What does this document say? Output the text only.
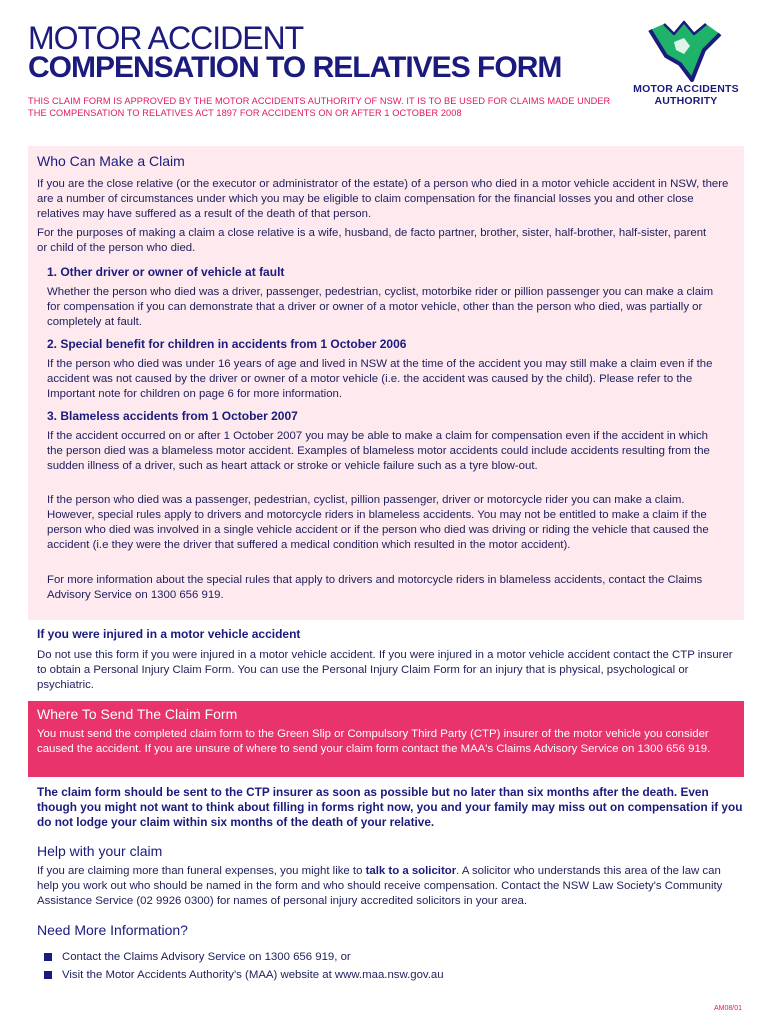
MOTOR ACCIDENT
COMPENSATION TO RELATIVES FORM

THIS CLAIM FORM IS APPROVED BY THE MOTOR ACCIDENTS AUTHORITY OF NSW. IT IS TO BE USED FOR CLAIMS MADE UNDER THE COMPENSATION TO RELATIVES ACT 1897 FOR ACCIDENTS ON OR AFTER 1 OCTOBER 2008

MOTOR ACCIDENTS
AUTHORITY
Who Can Make a Claim

If you are the close relative (or the executor or administrator of the estate) of a person who died in a motor vehicle accident in NSW, there are a number of circumstances under which you may be eligible to claim compensation for the financial losses you and other close relatives may have suffered as a result of the death of that person.

For the purposes of making a claim a close relative is a wife, husband, de facto partner, brother, sister, half-brother, half-sister, parent or child of the person who died.

1. Other driver or owner of vehicle at fault

Whether the person who died was a driver, passenger, pedestrian, cyclist, motorbike rider or pillion passenger you can make a claim for compensation if you can demonstrate that a driver or owner of a motor vehicle, other than the person who died, was partially or completely at fault.

2. Special benefit for children in accidents from 1 October 2006

If the person who died was under 16 years of age and lived in NSW at the time of the accident you may still make a claim even if the accident was not caused by the driver or owner of a motor vehicle (i.e. the accident was caused by the child). Please refer to the Important note for children on page 6 for more information.

3. Blameless accidents from 1 October 2007

If the accident occurred on or after 1 October 2007 you may be able to make a claim for compensation even if the accident in which the person died was a blameless motor accident. Examples of blameless motor accidents could include accidents resulting from the sudden illness of a driver, such as heart attack or stroke or vehicle failure such as a tyre blow-out.

If the person who died was a passenger, pedestrian, cyclist, pillion passenger, driver or motorcycle rider you can make a claim. However, special rules apply to drivers and motorcycle riders in blameless accidents. You may not be entitled to make a claim if the person who died was involved in a single vehicle accident or if the person who died was driving or riding the vehicle that caused the accident (i.e they were the driver that suffered a medical condition which resulted in the motor accident).

For more information about the special rules that apply to drivers and motorcycle riders in blameless accidents, contact the Claims Advisory Service on 1300 656 919.

If you were injured in a motor vehicle accident

Do not use this form if you were injured in a motor vehicle accident. If you were injured in a motor vehicle accident contact the CTP insurer to obtain a Personal Injury Claim Form. You can use the Personal Injury Claim Form for an injury that is physical, psychological or psychiatric.

Where To Send The Claim Form

You must send the completed claim form to the Green Slip or Compulsory Third Party (CTP) insurer of the motor vehicle you consider caused the accident. If you are unsure of where to send your claim form contact the MAA's Claims Advisory Service on 1300 656 919.

The claim form should be sent to the CTP insurer as soon as possible but no later than six months after the death. Even though you might not want to think about filling in forms right now, you and your family may miss out on compensation if you do not lodge your claim within six months of the death of your relative.

Help with your claim

If you are claiming more than funeral expenses, you might like to talk to a solicitor. A solicitor who understands this area of the law can help you work out who should be named in the form and who should receive compensation. Contact the NSW Law Society's Community Assistance Service (02 9926 0300) for names of personal injury accredited solicitors in your area.

Need More Information?
Contact the Claims Advisory Service on 1300 656 919, or
Visit the Motor Accidents Authority's (MAA) website at www.maa.nsw.gov.au
AM08/01
